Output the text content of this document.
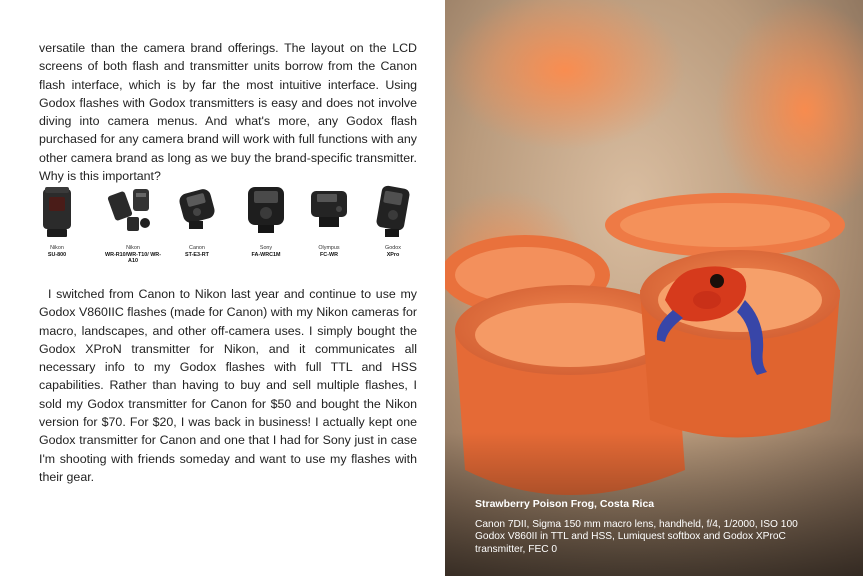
versatile than the camera brand offerings. The layout on the LCD screens of both flash and transmitter units borrow from the Canon flash interface, which is by far the most intuitive interface. Using Godox flashes with Godox transmitters is easy and does not involve diving into camera menus. And what's more, any Godox flash purchased for any camera brand will work with full functions with any other camera brand as long as we buy the brand-specific transmitter. Why is this important?

Nikon
SU-800
Nikon
WR-R10/WR-T10/ WR-A10
Canon
ST-E3-RT
Sony
FA-WRC1M
Olympus
FC-WR
Godox
XPro

I switched from Canon to Nikon last year and continue to use my Godox V860IIC flashes (made for Canon) with my Nikon cameras for macro, landscapes, and other off-camera uses. I simply bought the Godox XProN transmitter for Nikon, and it communicates all necessary info to my Godox flashes with full TTL and HSS capabilities. Rather than having to buy and sell multiple flashes, I sold my Godox transmitter for Canon for $50 and bought the Nikon version for $70. For $20, I was back in business! I actually kept one Godox transmitter for Canon and one that I had for Sony just in case I'm shooting with friends someday and want to use my flashes with their gear.

Strawberry Poison Frog, Costa Rica

Canon 7DII, Sigma 150 mm macro lens, handheld, f/4, 1/2000, ISO 100

Godox V860II in TTL and HSS, Lumiquest softbox and Godox XProC

transmitter, FEC 0
